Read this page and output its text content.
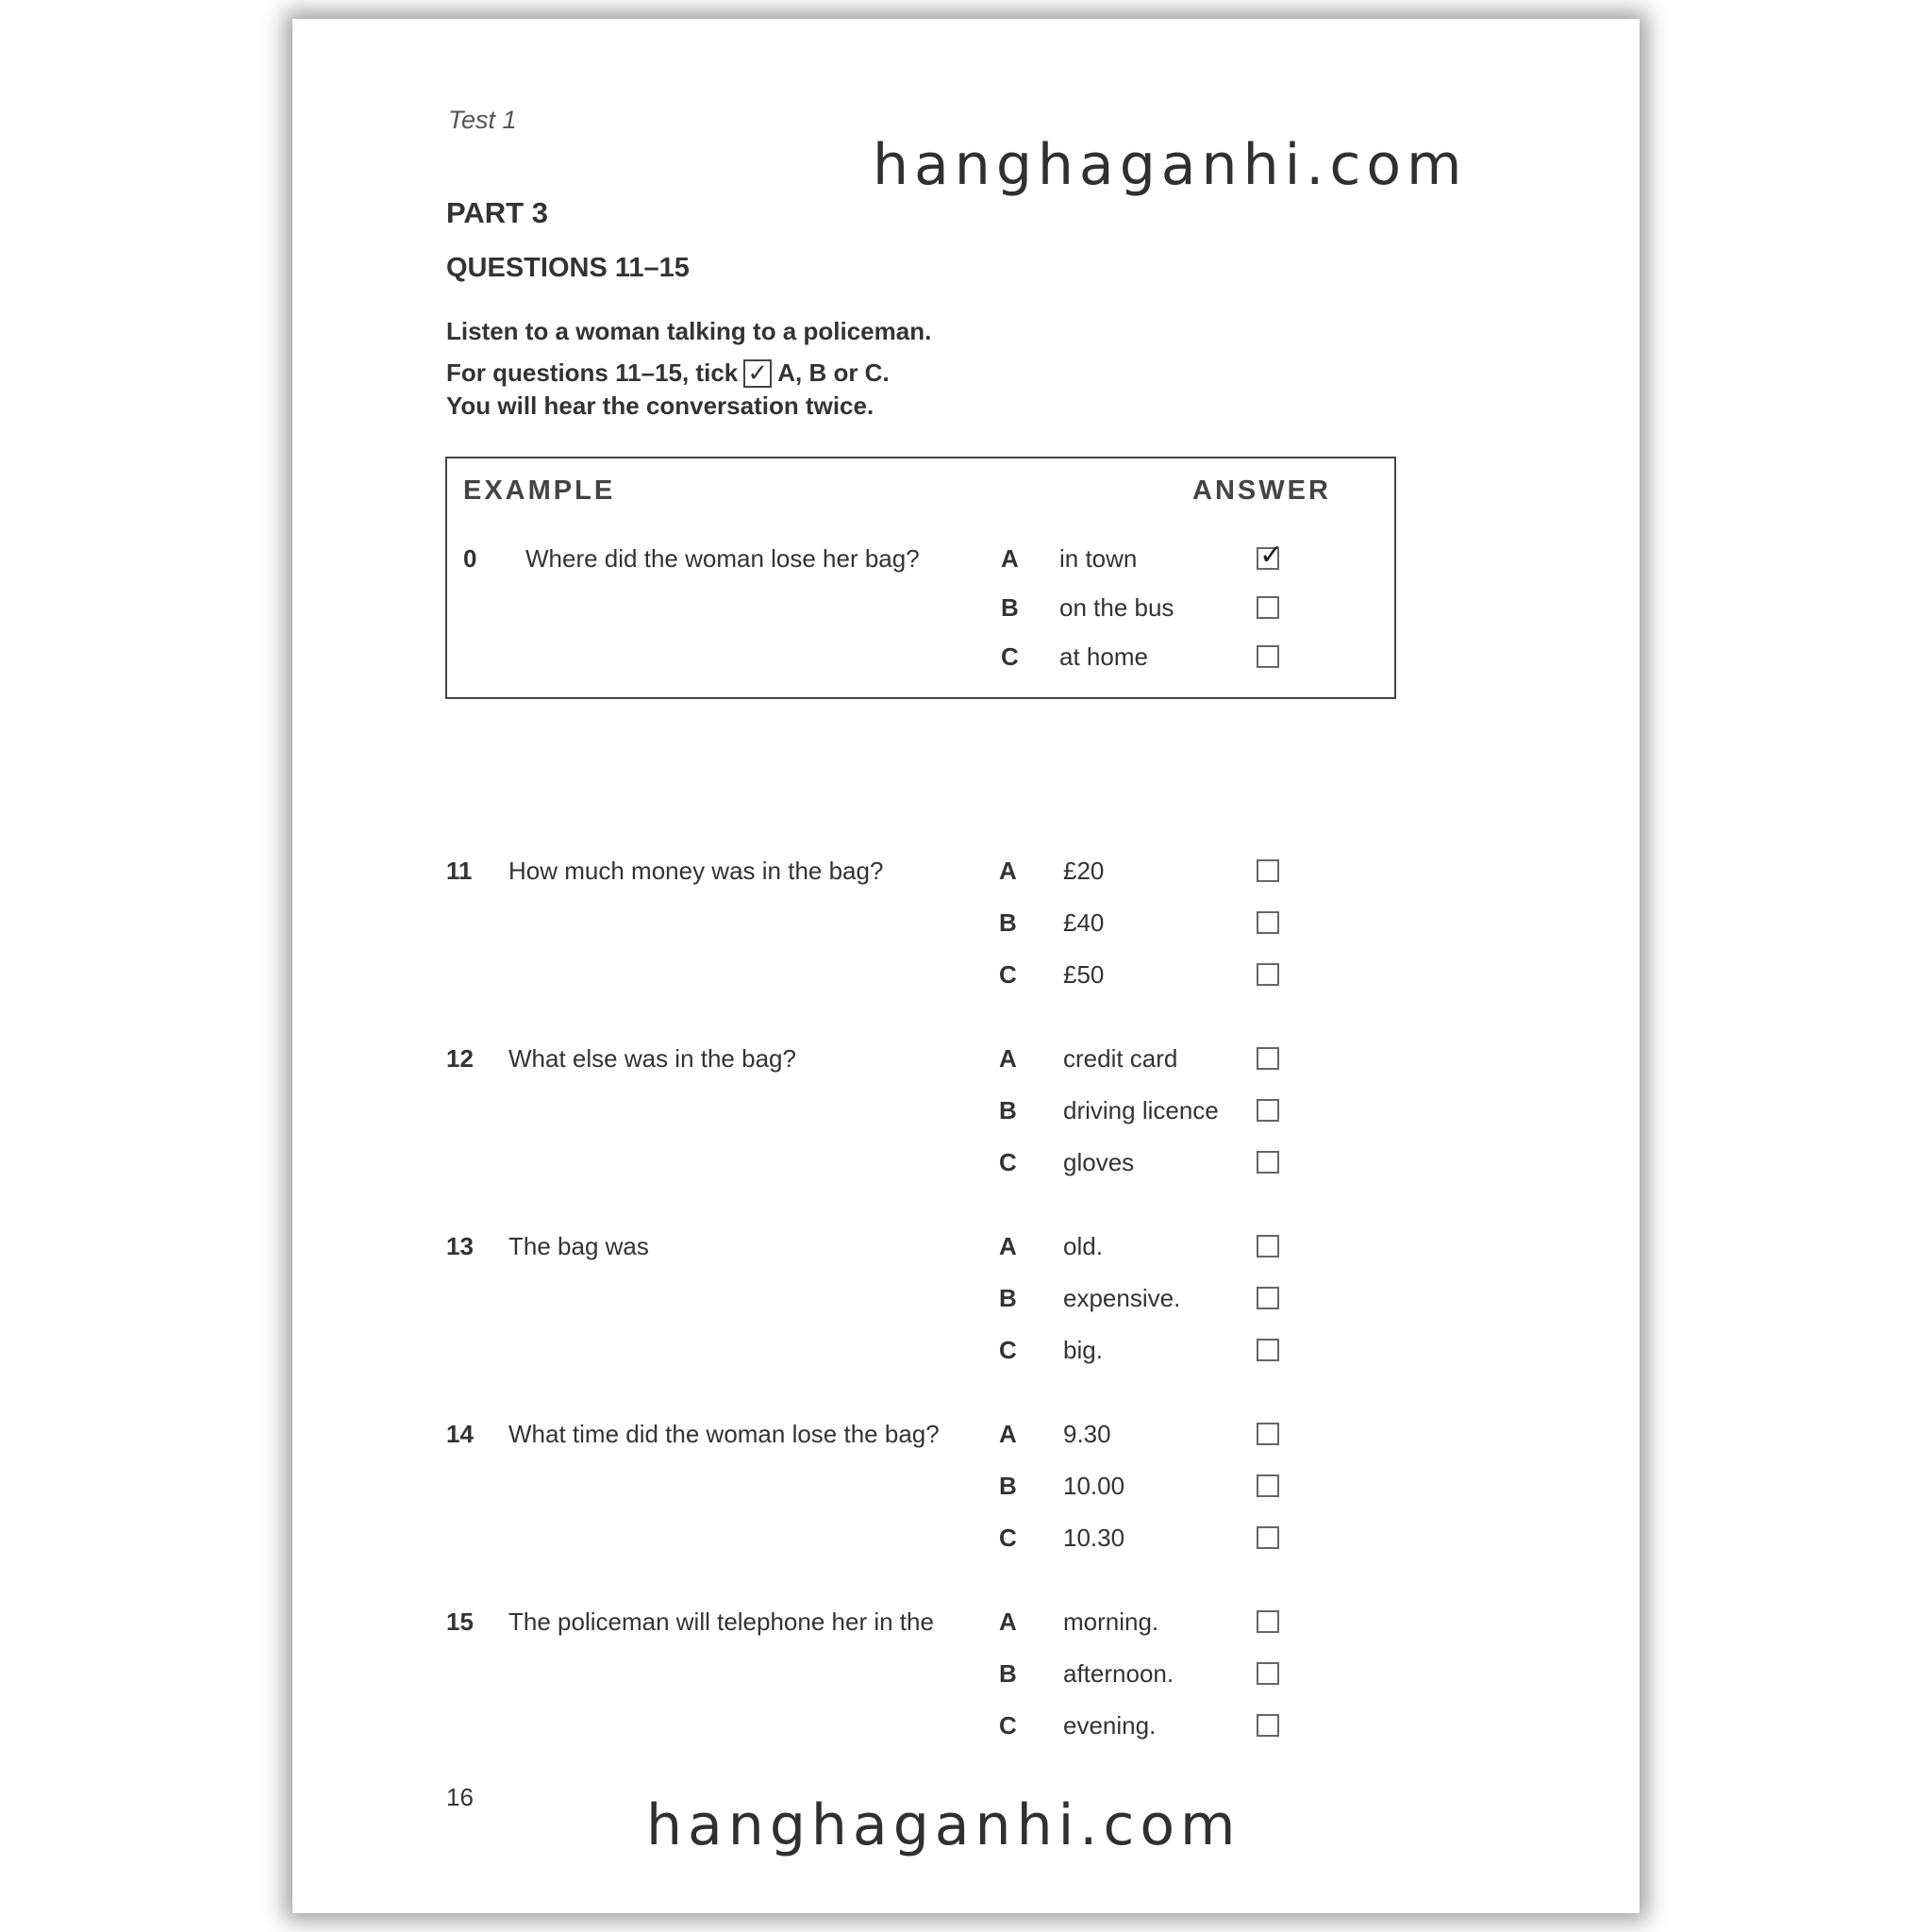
Test 1
hanghaganhi.com
PART 3
QUESTIONS 11–15
Listen to a woman talking to a policeman.
For questions 11–15, tick ✓ A, B or C.
You will hear the conversation twice.
EXAMPLE	ANSWER
0 Where did the woman lose her bag?	A in town	✓
B on the bus
C at home
11 How much money was in the bag?	A £20
B £40
C £50
12 What else was in the bag?	A credit card
B driving licence
C gloves
13 The bag was	A old.
B expensive.
C big.
14 What time did the woman lose the bag? A 9.30
B 10.00
C 10.30
15 The policeman will telephone her in the	A morning.
B afternoon.
C evening.
16	hanghaganhi.com
